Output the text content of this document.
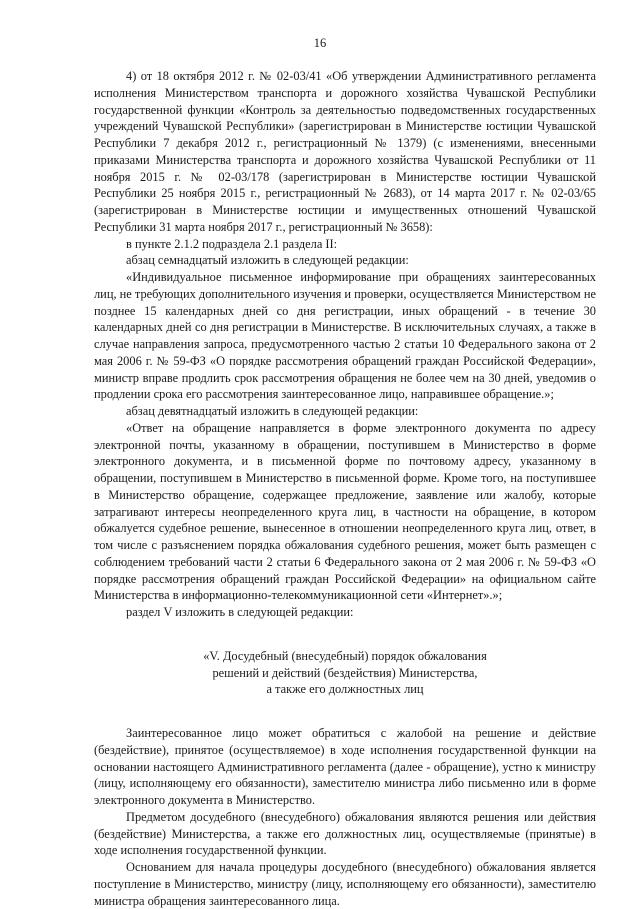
16

4) от 18 октября 2012 г. № 02-03/41 «Об утверждении Административного регламента исполнения Министерством транспорта и дорожного хозяйства Чувашской Республики государственной функции «Контроль за деятельностью подведомственных государственных учреждений Чувашской Республики» (зарегистрирован в Министерстве юстиции Чувашской Республики 7 декабря 2012 г., регистрационный № 1379) (с изменениями, внесенными приказами Министерства транспорта и дорожного хозяйства Чувашской Республики от 11 ноября 2015 г. № 02-03/178 (зарегистрирован в Министерстве юстиции Чувашской Республики 25 ноября 2015 г., регистрационный № 2683), от 14 марта 2017 г. № 02-03/65 (зарегистрирован в Министерстве юстиции и имущественных отношений Чувашской Республики 31 марта ноября 2017 г., регистрационный № 3658):

в пункте 2.1.2 подраздела 2.1 раздела II:

абзац семнадцатый изложить в следующей редакции:

«Индивидуальное письменное информирование при обращениях заинтересованных лиц, не требующих дополнительного изучения и проверки, осуществляется Министерством не позднее 15 календарных дней со дня регистрации, иных обращений - в течение 30 календарных дней со дня регистрации в Министерстве. В исключительных случаях, а также в случае направления запроса, предусмотренного частью 2 статьи 10 Федерального закона от 2 мая 2006 г. № 59-ФЗ «О порядке рассмотрения обращений граждан Российской Федерации», министр вправе продлить срок рассмотрения обращения не более чем на 30 дней, уведомив о продлении срока его рассмотрения заинтересованное лицо, направившее обращение.»;

абзац девятнадцатый изложить в следующей редакции:

«Ответ на обращение направляется в форме электронного документа по адресу электронной почты, указанному в обращении, поступившем в Министерство в форме электронного документа, и в письменной форме по почтовому адресу, указанному в обращении, поступившем в Министерство в письменной форме. Кроме того, на поступившее в Министерство обращение, содержащее предложение, заявление или жалобу, которые затрагивают интересы неопределенного круга лиц, в частности на обращение, в котором обжалуется судебное решение, вынесенное в отношении неопределенного круга лиц, ответ, в том числе с разъяснением порядка обжалования судебного решения, может быть размещен с соблюдением требований части 2 статьи 6 Федерального закона от 2 мая 2006 г. № 59-ФЗ «О порядке рассмотрения обращений граждан Российской Федерации» на официальном сайте Министерства в информационно-телекоммуникационной сети «Интернет».»;

раздел V изложить в следующей редакции:

«V. Досудебный (внесудебный) порядок обжалования
решений и действий (бездействия) Министерства,
а также его должностных лиц

Заинтересованное лицо может обратиться с жалобой на решение и действие (бездействие), принятое (осуществляемое) в ходе исполнения государственной функции на основании настоящего Административного регламента (далее - обращение), устно к министру (лицу, исполняющему его обязанности), заместителю министра либо письменно или в форме электронного документа в Министерство.

Предметом досудебного (внесудебного) обжалования являются решения или действия (бездействие) Министерства, а также его должностных лиц, осуществляемые (принятые) в ходе исполнения государственной функции.

Основанием для начала процедуры досудебного (внесудебного) обжалования является поступление в Министерство, министру (лицу, исполняющему его обязанности), заместителю министра обращения заинтересованного лица.
